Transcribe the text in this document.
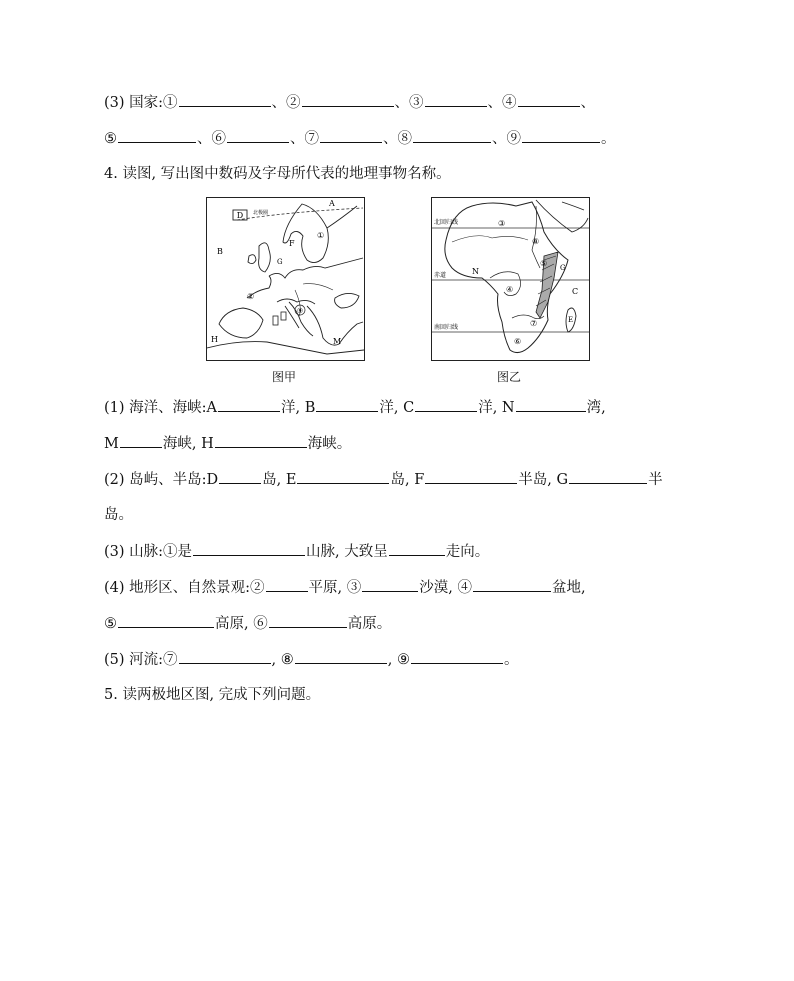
(3) 国家:①	、②	、③	、④	、
⑤	、⑥	、⑦	、⑧	、⑨	。
4. 读图, 写出图中数码及字母所代表的地理事物名称。
⑨
D 北极圈
A
B
F
G
①
②
H	M
图甲
北回归线
赤道
南回归线
③
⑧
⑤
N
④	C
G
E
⑦
⑥
图乙
(1) 海洋、海峡:A	洋, B	洋, C	洋, N	湾,
M	海峡, H	海峡。
(2) 岛屿、半岛:D	岛, E	岛, F	半岛, G	半
岛。
(3) 山脉:①是	山脉, 大致呈	走向。
(4) 地形区、自然景观:②	平原, ③	沙漠, ④	盆地,
⑤	高原, ⑥	高原。
(5) 河流:⑦	, ⑧	, ⑨	。
5. 读两极地区图, 完成下列问题。
